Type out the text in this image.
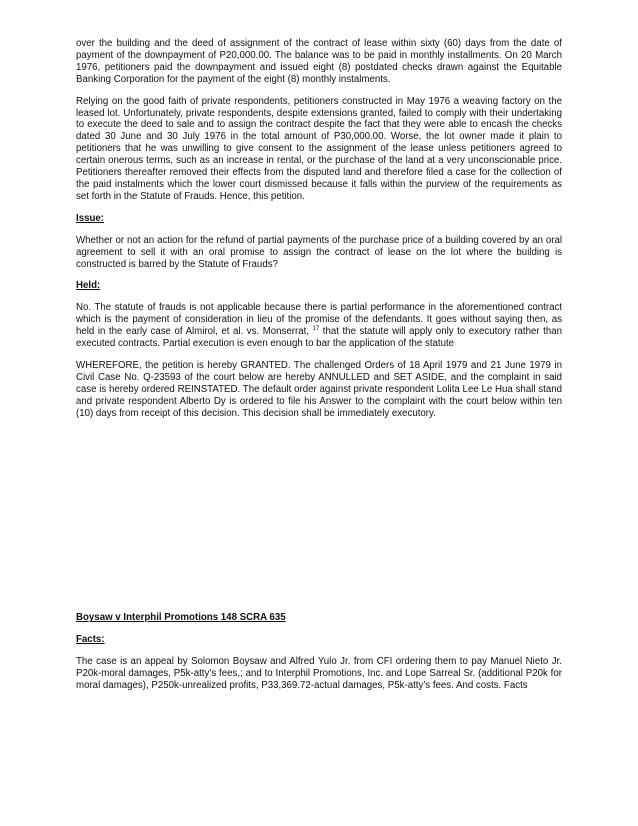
over the building and the deed of assignment of the contract of lease within sixty (60) days from the date of payment of the downpayment of P20,000.00. The balance was to be paid in monthly installments. On 20 March 1976, petitioners paid the downpayment and issued eight (8) postdated checks drawn against the Equitable Banking Corporation for the payment of the eight (8) monthly instalments.

Relying on the good faith of private respondents, petitioners constructed in May 1976 a weaving factory on the leased lot. Unfortunately, private respondents, despite extensions granted, failed to comply with their undertaking to execute the deed to sale and to assign the contract despite the fact that they were able to encash the checks dated 30 June and 30 July 1976 in the total amount of P30,000.00. Worse, the lot owner made it plain to petitioners that he was unwilling to give consent to the assignment of the lease unless petitioners agreed to certain onerous terms, such as an increase in rental, or the purchase of the land at a very unconscionable price. Petitioners thereafter removed their effects from the disputed land and therefore filed a case for the collection of the paid instalments which the lower court dismissed because it falls within the purview of the requirements as set forth in the Statute of Frauds. Hence, this petition.

Issue:

Whether or not an action for the refund of partial payments of the purchase price of a building covered by an oral agreement to sell it with an oral promise to assign the contract of lease on the lot where the building is constructed is barred by the Statute of Frauds?

Held:

No. The statute of frauds is not applicable because there is partial performance in the aforementioned contract which is the payment of consideration in lieu of the promise of the defendants. It goes without saying then, as held in the early case of Almirol, et al. vs. Monserrat, $^{17}$ that the statute will apply only to executory rather than executed contracts. Partial execution is even enough to bar the application of the statute

WHEREFORE, the petition is hereby GRANTED. The challenged Orders of 18 April 1979 and 21 June 1979 in Civil Case No. Q-23593 of the court below are hereby ANNULLED and SET ASIDE, and the complaint in said case is hereby ordered REINSTATED. The default order against private respondent Lolita Lee Le Hua shall stand and private respondent Alberto Dy is ordered to file his Answer to the complaint with the court below within ten (10) days from receipt of this decision. This decision shall be immediately executory.

Boysaw v Interphil Promotions 148 SCRA 635

Facts:

The case is an appeal by Solomon Boysaw and Alfred Yulo Jr. from CFI ordering them to pay Manuel Nieto Jr. P20k-moral damages, P5k-atty’s fees,; and to Interphil Promotions, Inc. and Lope Sarreal Sr. (additional P20k for moral damages), P250k-unrealized profits, P33,369.72-actual damages, P5k-atty’s fees. And costs. Facts
